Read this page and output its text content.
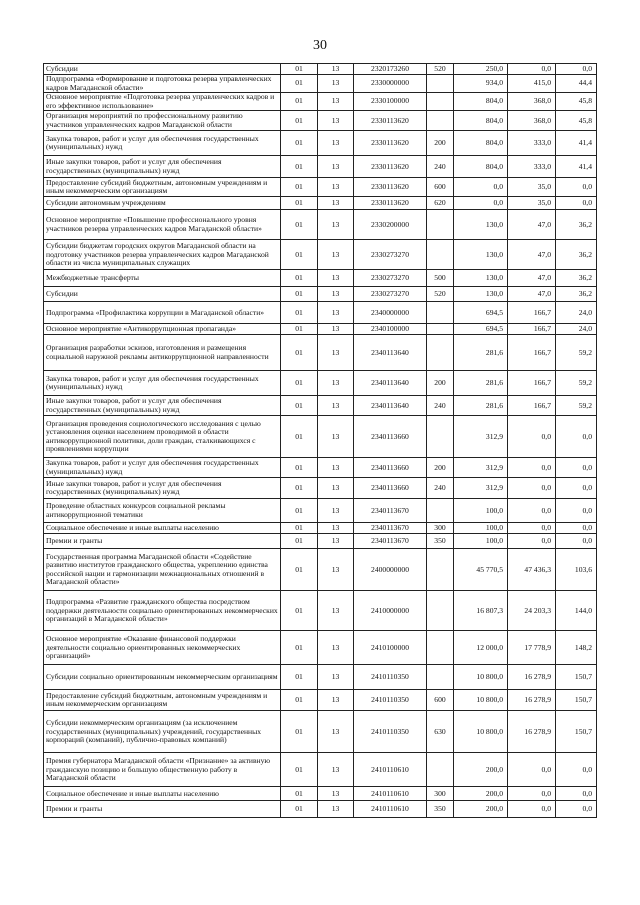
30
Субсидии	01	13	2320173260	520	250,0	0,0	0,0
Подпрограмма «Формирование и подготовка резерва управленческих кадров Магаданской области»	01	13	2330000000		934,0	415,0	44,4
Основное мероприятие «Подготовка резерва управленческих кадров и его эффективное использование»	01	13	2330100000		804,0	368,0	45,8
Организация мероприятий по профессиональному развитию участников управленческих кадров Магаданской области	01	13	2330113620		804,0	368,0	45,8
Закупка товаров, работ и услуг для обеспечения государственных (муниципальных) нужд	01	13	2330113620	200	804,0	333,0	41,4
Иные закупки товаров, работ и услуг для обеспечения государственных (муниципальных) нужд	01	13	2330113620	240	804,0	333,0	41,4
Предоставление субсидий бюджетным, автономным учреждениям и иным некоммерческим организациям	01	13	2330113620	600	0,0	35,0	0,0
Субсидии автономным учреждениям	01	13	2330113620	620	0,0	35,0	0,0
Основное мероприятие «Повышение профессионального уровня участников резерва управленческих кадров Магаданской области»	01	13	2330200000		130,0	47,0	36,2
Субсидии бюджетам городских округов Магаданской области на подготовку участников резерва управленческих кадров Магаданской области из числа муниципальных служащих	01	13	2330273270		130,0	47,0	36,2
Межбюджетные трансферты	01	13	2330273270	500	130,0	47,0	36,2
Субсидии	01	13	2330273270	520	130,0	47,0	36,2
Подпрограмма «Профилактика коррупции в Магаданской области»	01	13	2340000000		694,5	166,7	24,0
Основное мероприятие «Антикоррупционная пропаганда»	01	13	2340100000		694,5	166,7	24,0
Организация разработки эскизов, изготовления и размещения социальной наружной рекламы антикоррупционной направленности	01	13	2340113640		281,6	166,7	59,2
Закупка товаров, работ и услуг для обеспечения государственных (муниципальных) нужд	01	13	2340113640	200	281,6	166,7	59,2
Иные закупки товаров, работ и услуг для обеспечения государственных (муниципальных) нужд	01	13	2340113640	240	281,6	166,7	59,2
Организация проведения социологического исследования с целью установления оценки населением проводимой в области антикоррупционной политики, доли граждан, сталкивающихся с проявлениями коррупции	01	13	2340113660		312,9	0,0	0,0
Закупка товаров, работ и услуг для обеспечения государственных (муниципальных) нужд	01	13	2340113660	200	312,9	0,0	0,0
Иные закупки товаров, работ и услуг для обеспечения государственных (муниципальных) нужд	01	13	2340113660	240	312,9	0,0	0,0
Проведение областных конкурсов социальной рекламы антикоррупционной тематики	01	13	2340113670		100,0	0,0	0,0
Социальное обеспечение и иные выплаты населению	01	13	2340113670	300	100,0	0,0	0,0
Премии и гранты	01	13	2340113670	350	100,0	0,0	0,0
Государственная программа Магаданской области «Содействие развитию институтов гражданского общества, укреплению единства российской нации и гармонизации межнациональных отношений в Магаданской области»	01	13	2400000000		45 770,5	47 436,3	103,6
Подпрограмма «Развитие гражданского общества посредством поддержки деятельности социально ориентированных некоммерческих организаций в Магаданской области»	01	13	2410000000		16 807,3	24 203,3	144,0
Основное мероприятие «Оказание финансовой поддержки деятельности социально ориентированных некоммерческих организаций»	01	13	2410100000		12 000,0	17 778,9	148,2
Субсидии социально ориентированным некоммерческим организациям	01	13	2410110350		10 800,0	16 278,9	150,7
Предоставление субсидий бюджетным, автономным учреждениям и иным некоммерческим организациям	01	13	2410110350	600	10 800,0	16 278,9	150,7
Субсидии некоммерческим организациям (за исключением государственных (муниципальных) учреждений, государственных корпораций (компаний), публично-правовых компаний)	01	13	2410110350	630	10 800,0	16 278,9	150,7
Премия губернатора Магаданской области «Признание» за активную гражданскую позицию и большую общественную работу в Магаданской области	01	13	2410110610		200,0	0,0	0,0
Социальное обеспечение и иные выплаты населению	01	13	2410110610	300	200,0	0,0	0,0
Премии и гранты	01	13	2410110610	350	200,0	0,0	0,0
